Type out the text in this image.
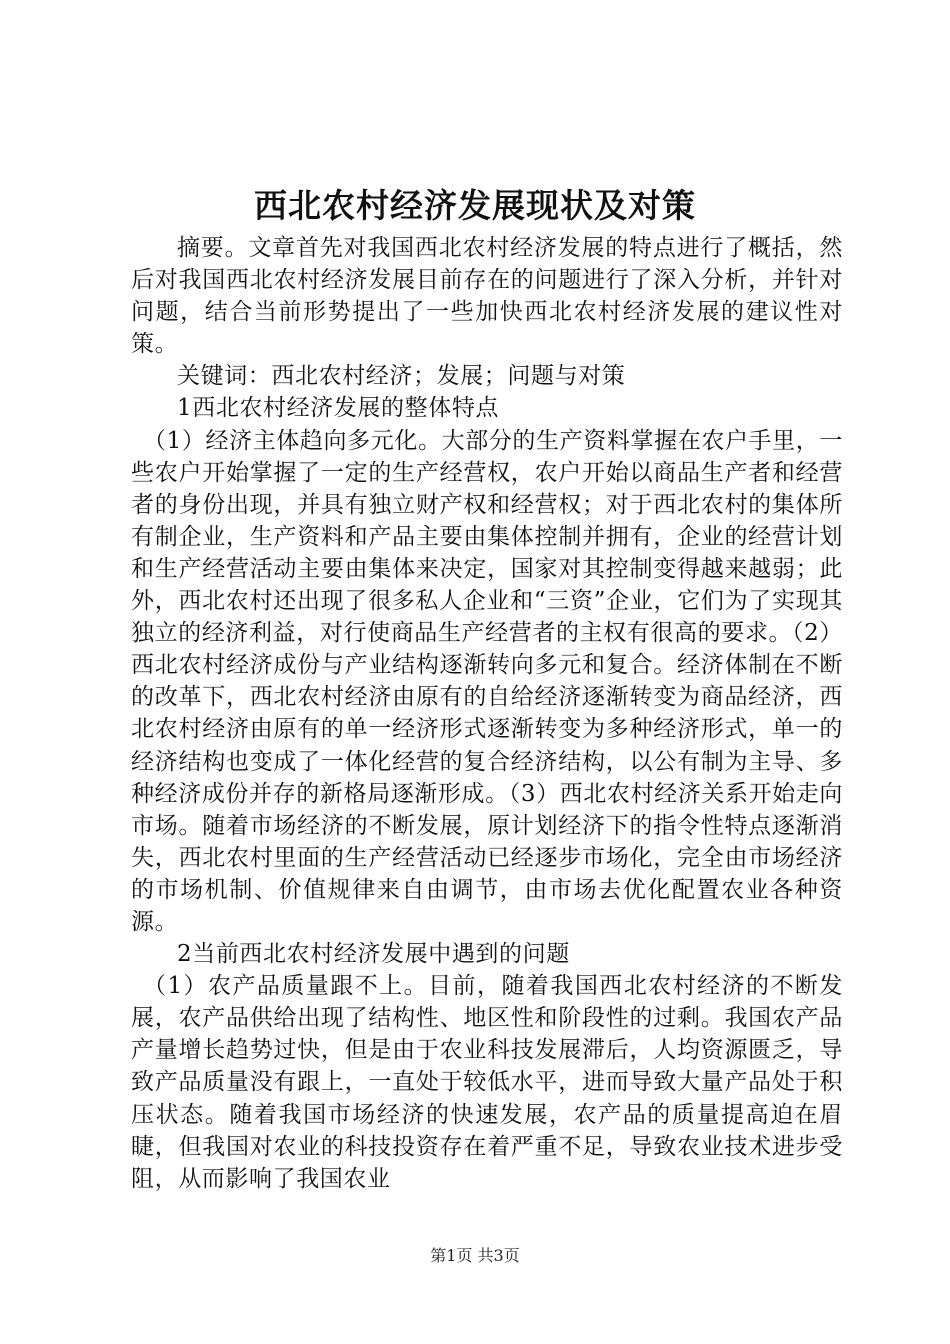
西北农村经济发展现状及对策

摘要。文章首先对我国西北农村经济发展的特点进行了概括，然后对我国西北农村经济发展目前存在的问题进行了深入分析，并针对问题，结合当前形势提出了一些加快西北农村经济发展的建议性对策。

关键词：西北农村经济；发展；问题与对策

1西北农村经济发展的整体特点

（1）经济主体趋向多元化。大部分的生产资料掌握在农户手里，一些农户开始掌握了一定的生产经营权，农户开始以商品生产者和经营者的身份出现，并具有独立财产权和经营权；对于西北农村的集体所有制企业，生产资料和产品主要由集体控制并拥有，企业的经营计划和生产经营活动主要由集体来决定，国家对其控制变得越来越弱；此外，西北农村还出现了很多私人企业和“三资”企业，它们为了实现其独立的经济利益，对行使商品生产经营者的主权有很高的要求。（2）西北农村经济成份与产业结构逐渐转向多元和复合。经济体制在不断的改革下，西北农村经济由原有的自给经济逐渐转变为商品经济，西北农村经济由原有的单一经济形式逐渐转变为多种经济形式，单一的经济结构也变成了一体化经营的复合经济结构，以公有制为主导、多种经济成份并存的新格局逐渐形成。（3）西北农村经济关系开始走向市场。随着市场经济的不断发展，原计划经济下的指令性特点逐渐消失，西北农村里面的生产经营活动已经逐步市场化，完全由市场经济的市场机制、价值规律来自由调节，由市场去优化配置农业各种资源。

2当前西北农村经济发展中遇到的问题

（1）农产品质量跟不上。目前，随着我国西北农村经济的不断发展，农产品供给出现了结构性、地区性和阶段性的过剩。我国农产品产量增长趋势过快，但是由于农业科技发展滞后，人均资源匮乏，导致产品质量没有跟上，一直处于较低水平，进而导致大量产品处于积压状态。随着我国市场经济的快速发展，农产品的质量提高迫在眉睫，但我国对农业的科技投资存在着严重不足，导致农业技术进步受阻，从而影响了我国农业

第1页 共3页
